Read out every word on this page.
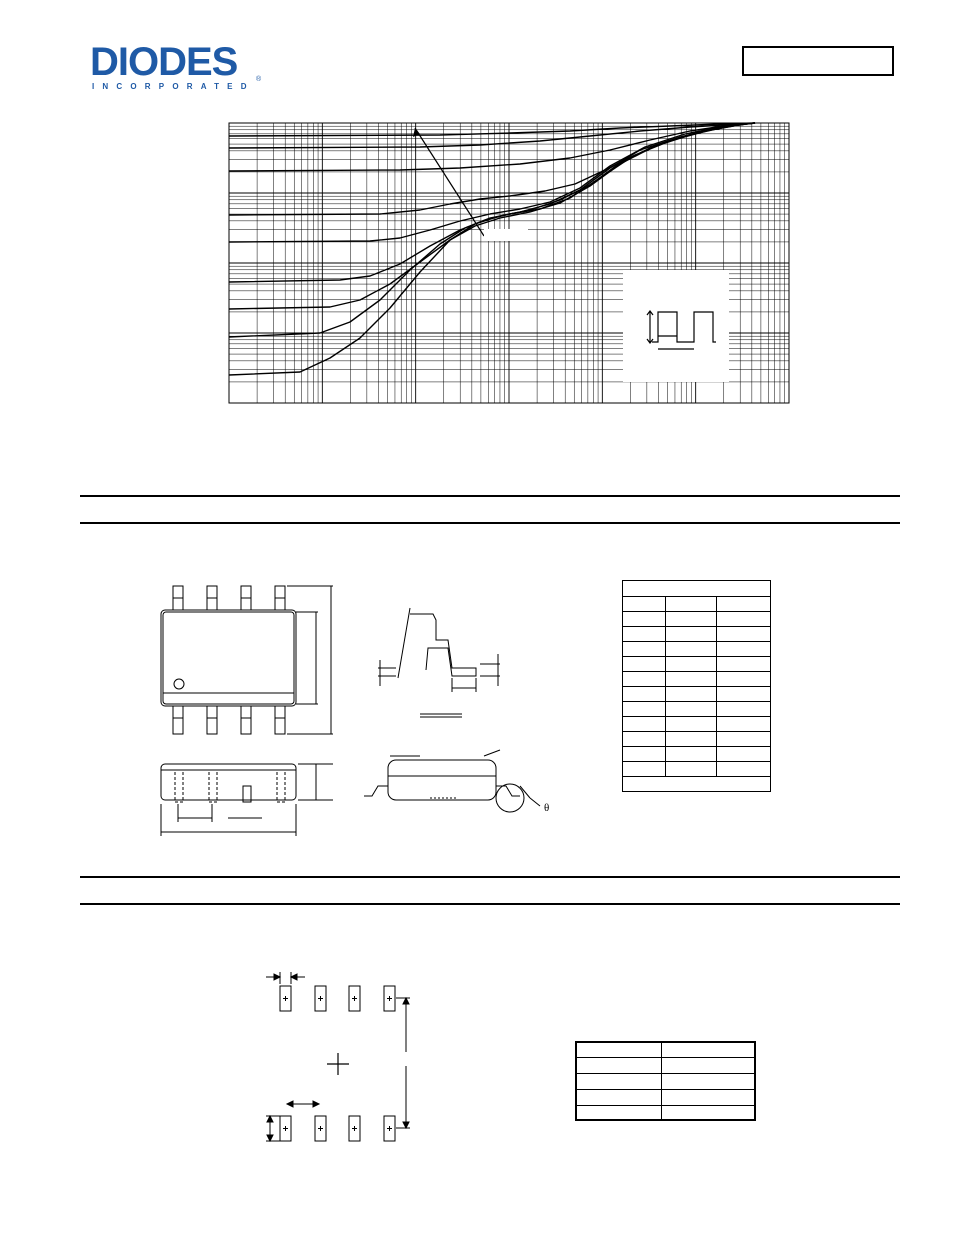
DIODES
INCORPORATED
®
θ
